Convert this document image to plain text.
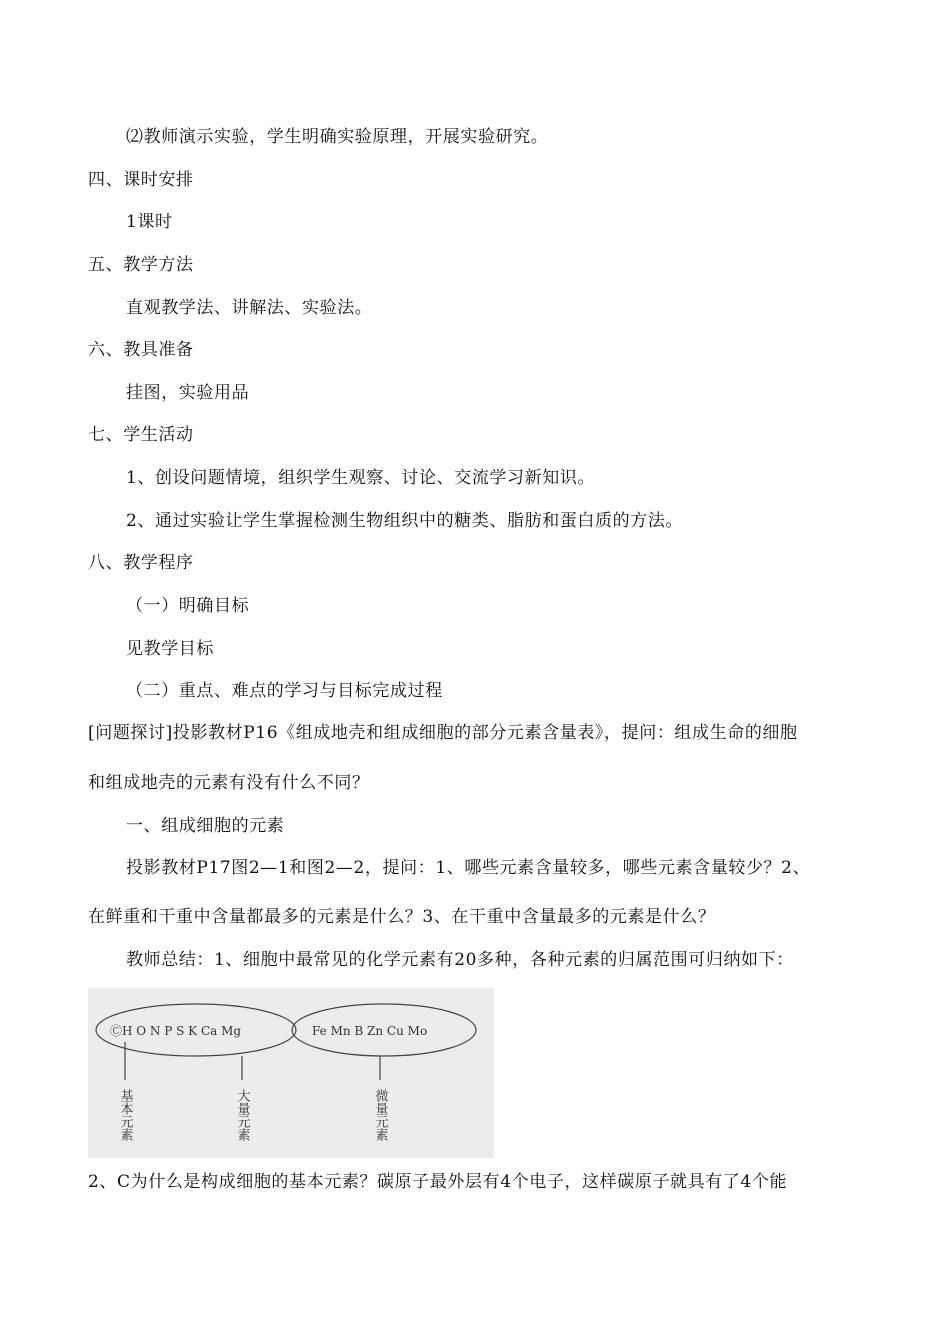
⑵教师演示实验，学生明确实验原理，开展实验研究。
四、课时安排
1课时
五、教学方法
直观教学法、讲解法、实验法。
六、教具准备
挂图，实验用品
七、学生活动
1、创设问题情境，组织学生观察、讨论、交流学习新知识。
2、通过实验让学生掌握检测生物组织中的糖类、脂肪和蛋白质的方法。
八、教学程序
（一）明确目标
见教学目标
（二）重点、难点的学习与目标完成过程
[问题探讨]投影教材P16《组成地壳和组成细胞的部分元素含量表》，提问：组成生命的细胞
和组成地壳的元素有没有什么不同？
一、组成细胞的元素
投影教材P17图2—1和图2—2，提问：1、哪些元素含量较多，哪些元素含量较少？2、
在鲜重和干重中含量都最多的元素是什么？3、在干重中含量最多的元素是什么？
教师总结：1、细胞中最常见的化学元素有20多种，各种元素的归属范围可归纳如下：
ⒸH O N P S K Ca Mg	Fe Mn B Zn Cu Mo
基本元素	大量元素	微量元素
2、C为什么是构成细胞的基本元素？碳原子最外层有4个电子，这样碳原子就具有了4个能
